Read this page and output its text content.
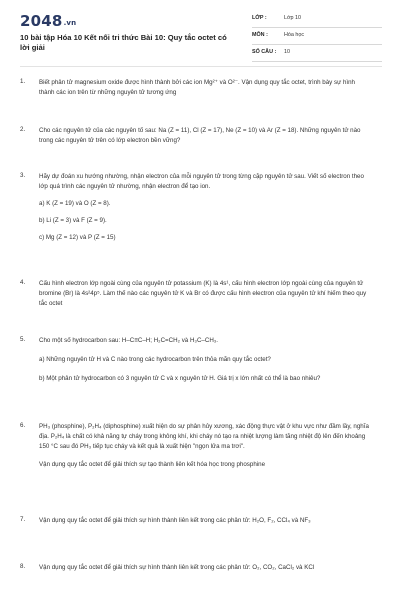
2048.vn
10 bài tập Hóa 10 Kết nối tri thức Bài 10: Quy tắc octet có lời giải
LỚP :	Lớp 10
MÔN :	Hóa học
SỐ CÂU : 10
1. Biết phân tử magnesium oxide được hình thành bởi các ion Mg²⁺ và O²⁻. Vận dụng quy tắc octet, trình bày sự hình thành các ion trên từ những nguyên tử tương ứng

2. Cho các nguyên tử của các nguyên tố sau: Na (Z = 11), Cl (Z = 17), Ne (Z = 10) và Ar (Z = 18). Những nguyên tử nào trong các nguyên tử trên có lớp electron bền vững?

3. Hãy dự đoán xu hướng nhường, nhận electron của mỗi nguyên tử trong từng cặp nguyên tử sau. Viết số electron theo lớp quá trình các nguyên tử nhường, nhận electron để tạo ion.

a) K (Z = 19) và O (Z = 8).

b) Li (Z = 3) và F (Z = 9).

c) Mg (Z = 12) và P (Z = 15)

4. Cấu hình electron lớp ngoài cùng của nguyên tử potassium (K) là 4s¹, cấu hình electron lớp ngoài cùng của nguyên tử bromine (Br) là 4s²4p⁵. Làm thế nào các nguyên tử K và Br có được cấu hình electron của nguyên tử khí hiếm theo quy tắc octet

5. Cho một số hydrocarbon sau: H–C≡C–H; H₂C=CH₂ và H₃C–CH₃.

a) Những nguyên tử H và C nào trong các hydrocarbon trên thỏa mãn quy tắc octet?

b) Một phân tử hydrocarbon có 3 nguyên tử C và x nguyên tử H. Giá trị x lớn nhất có thể là bao nhiêu?

6. PH₃ (phosphine), P₂H₄ (diphosphine) xuất hiện do sự phân hủy xương, xác động thực vật ở khu vực như đầm lầy, nghĩa địa. P₂H₄ là chất có khả năng tự cháy trong không khí, khi cháy nó tạo ra nhiệt lượng làm tăng nhiệt độ lên đến khoảng 150 °C sau đó PH₃ tiếp tục cháy và kết quả là xuất hiện "ngọn lửa ma trơi".

Vận dụng quy tắc octet để giải thích sự tạo thành liên kết hóa học trong phosphine

7. Vận dụng quy tắc octet để giải thích sự hình thành liên kết trong các phân tử: H₂O, F₂, CCl₄ và NF₃

8. Vận dụng quy tắc octet để giải thích sự hình thành liên kết trong các phân tử: O₂, CO₂, CaCl₂ và KCl
